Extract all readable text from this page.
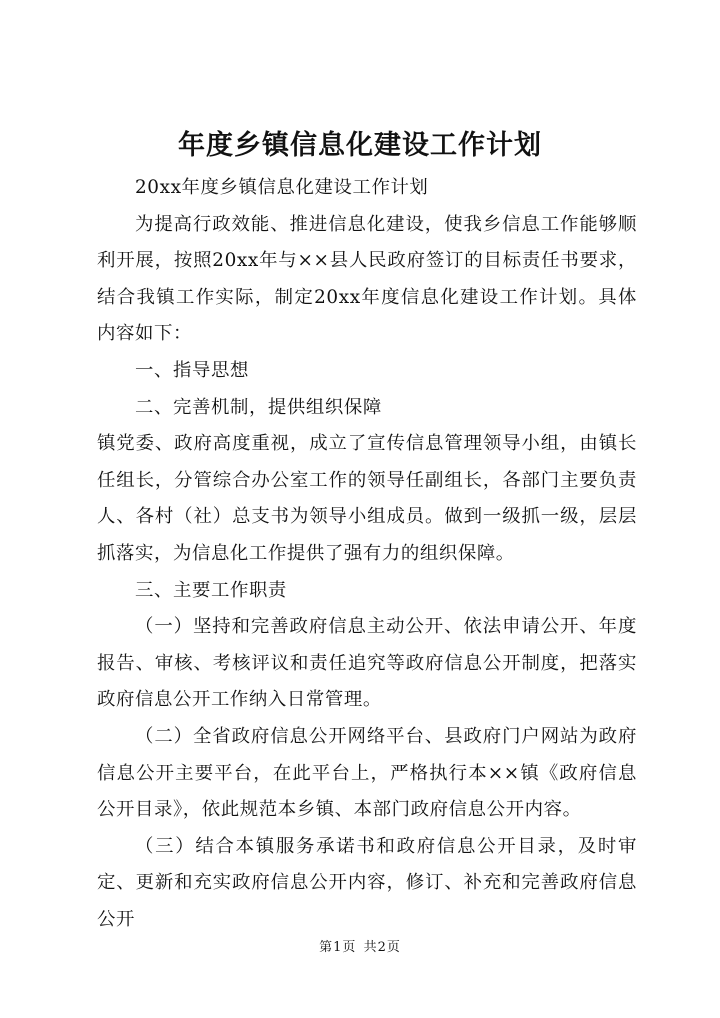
年度乡镇信息化建设工作计划

20xx年度乡镇信息化建设工作计划

为提高行政效能、推进信息化建设，使我乡信息工作能够顺利开展，按照20xx年与××县人民政府签订的目标责任书要求，结合我镇工作实际，制定20xx年度信息化建设工作计划。具体内容如下：

一、指导思想

二、完善机制，提供组织保障

镇党委、政府高度重视，成立了宣传信息管理领导小组，由镇长任组长，分管综合办公室工作的领导任副组长，各部门主要负责人、各村（社）总支书为领导小组成员。做到一级抓一级，层层抓落实，为信息化工作提供了强有力的组织保障。

三、主要工作职责

（一）坚持和完善政府信息主动公开、依法申请公开、年度报告、审核、考核评议和责任追究等政府信息公开制度，把落实政府信息公开工作纳入日常管理。

（二）全省政府信息公开网络平台、县政府门户网站为政府信息公开主要平台，在此平台上，严格执行本××镇《政府信息公开目录》，依此规范本乡镇、本部门政府信息公开内容。

（三）结合本镇服务承诺书和政府信息公开目录，及时审定、更新和充实政府信息公开内容，修订、补充和完善政府信息公开

第1页 共2页
